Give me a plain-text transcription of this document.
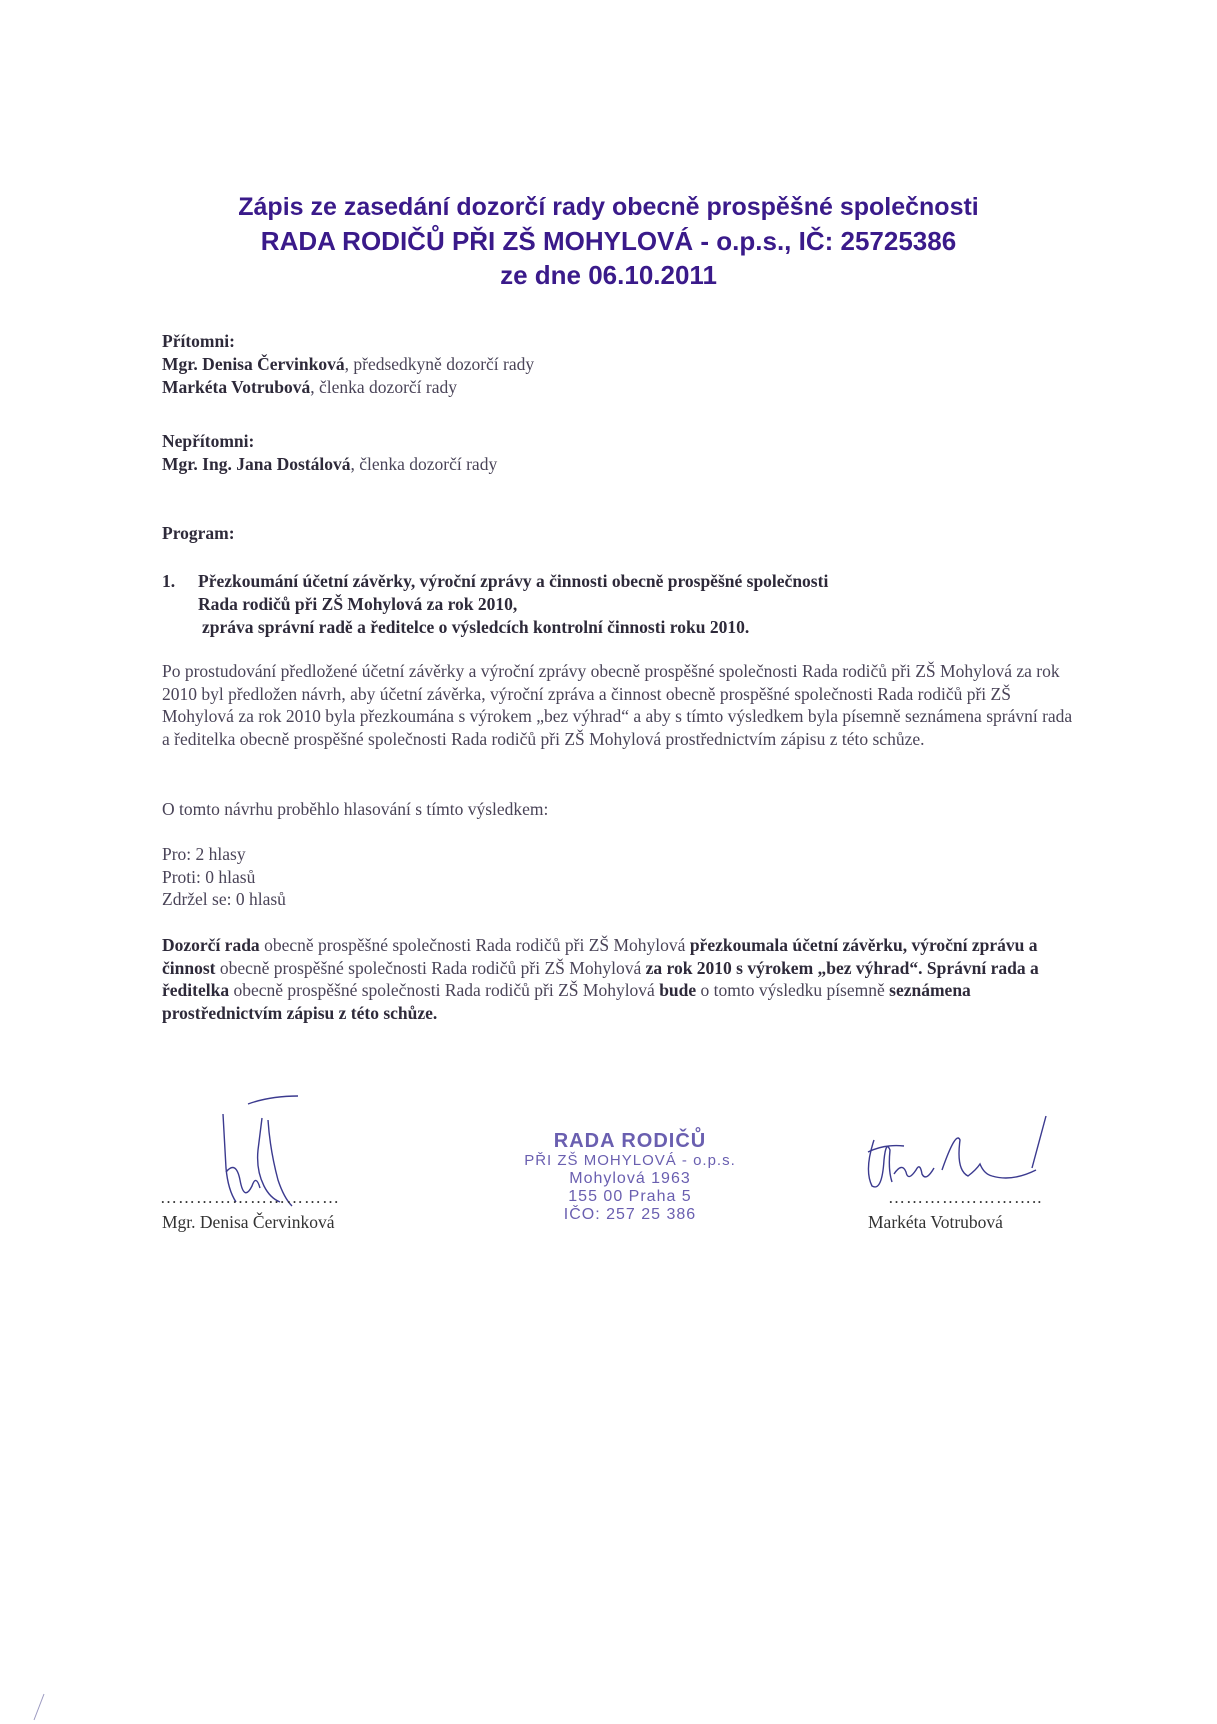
Zápis ze zasedání dozorčí rady obecně prospěšné společnosti
RADA RODIČŮ PŘI ZŠ MOHYLOVÁ - o.p.s., IČ: 25725386
ze dne 06.10.2011
Přítomni:
Mgr. Denisa Červinková, předsedkyně dozorčí rady
Markéta Votrubová, členka dozorčí rady
Nepřítomni:
Mgr. Ing. Jana Dostálová, členka dozorčí rady
Program:
1. Přezkoumání účetní závěrky, výroční zprávy a činnosti obecně prospěšné společnosti
Rada rodičů při ZŠ Mohylová za rok 2010,
zpráva správní radě a ředitelce o výsledcích kontrolní činnosti roku 2010.
Po prostudování předložené účetní závěrky a výroční zprávy obecně prospěšné společnosti Rada rodičů při ZŠ Mohylová za rok 2010 byl předložen návrh, aby účetní závěrka, výroční zpráva a činnost obecně prospěšné společnosti Rada rodičů při ZŠ Mohylová za rok 2010 byla přezkoumána s výrokem „bez výhrad“ a aby s tímto výsledkem byla písemně seznámena správní rada a ředitelka obecně prospěšné společnosti Rada rodičů při ZŠ Mohylová prostřednictvím zápisu z této schůze.
O tomto návrhu proběhlo hlasování s tímto výsledkem:
Pro: 2 hlasy
Proti: 0 hlasů
Zdržel se: 0 hlasů
Dozorčí rada obecně prospěšné společnosti Rada rodičů při ZŠ Mohylová přezkoumala účetní závěrku, výroční zprávu a činnost obecně prospěšné společnosti Rada rodičů při ZŠ Mohylová za rok 2010 s výrokem „bez výhrad“. Správní rada a ředitelka obecně prospěšné společnosti Rada rodičů při ZŠ Mohylová bude o tomto výsledku písemně seznámena prostřednictvím zápisu z této schůze.
…………………………
Mgr. Denisa Červinková
RADA RODIČŮ
PŘI ZŠ MOHYLOVÁ - o.p.s.
Mohylová 1963
155 00 Praha 5
IČO: 257 25 386
……………………..
Markéta Votrubová
